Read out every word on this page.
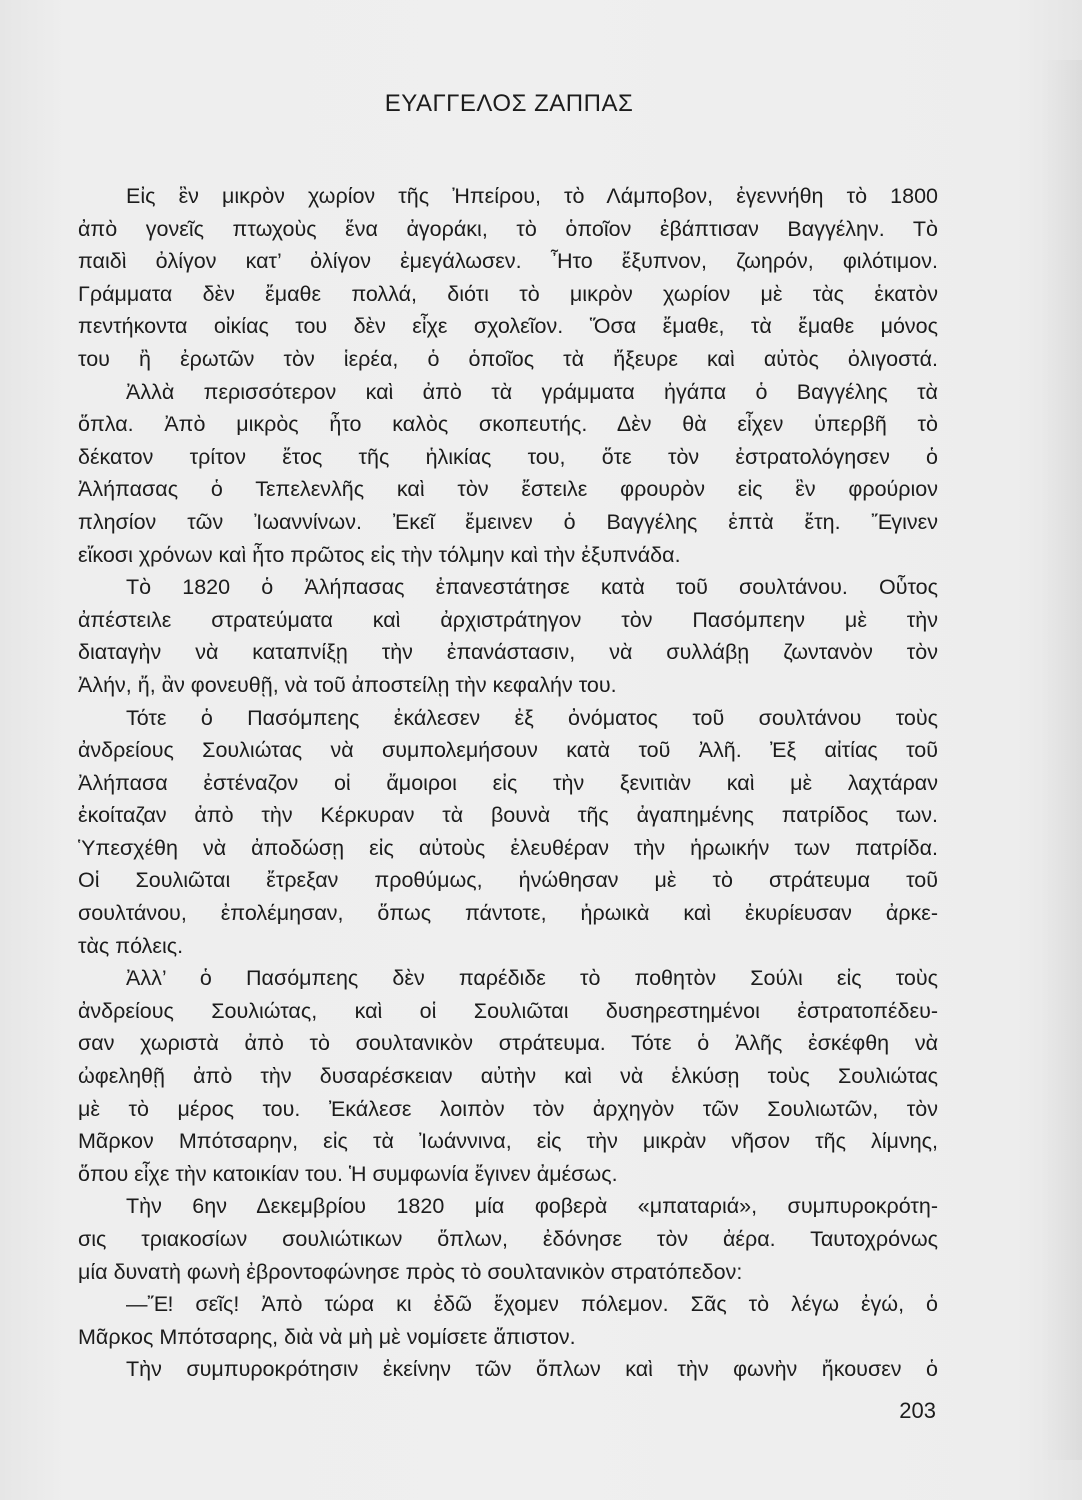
ΕΥΑΓΓΕΛΟΣ ΖΑΠΠΑΣ
Εἰς ἓν μικρὸν χωρίον τῆς Ἠπείρου, τὸ Λάμποβον, ἐγεννήθη τὸ 1800
ἀπὸ γονεῖς πτωχοὺς ἕνα ἀγοράκι, τὸ ὁποῖον ἐβάπτισαν Βαγγέλην. Τὸ
παιδὶ ὀλίγον κατ’ ὀλίγον ἐμεγάλωσεν. Ἦτο ἔξυπνον, ζωηρόν, φιλότιμον.
Γράμματα δὲν ἔμαθε πολλά, διότι τὸ μικρὸν χωρίον μὲ τὰς ἑκατὸν
πεντήκοντα οἰκίας του δὲν εἶχε σχολεῖον. Ὅσα ἔμαθε, τὰ ἔμαθε μόνος
του ἢ ἐρωτῶν τὸν ἱερέα, ὁ ὁποῖος τὰ ἤξευρε καὶ αὐτὸς ὀλιγοστά.
Ἀλλὰ περισσότερον καὶ ἀπὸ τὰ γράμματα ἠγάπα ὁ Βαγγέλης τὰ
ὅπλα. Ἀπὸ μικρὸς ἦτο καλὸς σκοπευτής. Δὲν θὰ εἶχεν ὑπερβῆ τὸ
δέκατον τρίτον ἔτος τῆς ἡλικίας του, ὅτε τὸν ἐστρατολόγησεν ὁ
Ἀλήπασας ὁ Τεπελενλῆς καὶ τὸν ἔστειλε φρουρὸν εἰς ἓν φρούριον
πλησίον τῶν Ἰωαννίνων. Ἐκεῖ ἔμεινεν ὁ Βαγγέλης ἑπτὰ ἔτη. Ἔγινεν
εἴκοσι χρόνων καὶ ἦτο πρῶτος εἰς τὴν τόλμην καὶ τὴν ἐξυπνάδα.
Τὸ 1820 ὁ Ἀλήπασας ἐπανεστάτησε κατὰ τοῦ σουλτάνου. Οὗτος
ἀπέστειλε στρατεύματα καὶ ἀρχιστράτηγον τὸν Πασόμπεην μὲ τὴν
διαταγὴν νὰ καταπνίξῃ τὴν ἐπανάστασιν, νὰ συλλάβῃ ζωντανὸν τὸν
Ἀλήν, ἤ, ἂν φονευθῇ, νὰ τοῦ ἀποστείλῃ τὴν κεφαλήν του.
Τότε ὁ Πασόμπεης ἐκάλεσεν ἐξ ὀνόματος τοῦ σουλτάνου τοὺς
ἀνδρείους Σουλιώτας νὰ συμπολεμήσουν κατὰ τοῦ Ἀλῆ. Ἐξ αἰτίας τοῦ
Ἀλήπασα ἐστέναζον οἱ ἄμοιροι εἰς τὴν ξενιτιὰν καὶ μὲ λαχτάραν
ἐκοίταζαν ἀπὸ τὴν Κέρκυραν τὰ βουνὰ τῆς ἀγαπημένης πατρίδος των.
Ὑπεσχέθη νὰ ἀποδώσῃ εἰς αὐτοὺς ἐλευθέραν τὴν ἡρωικήν των πατρίδα.
Οἱ Σουλιῶται ἔτρεξαν προθύμως, ἡνώθησαν μὲ τὸ στράτευμα τοῦ
σουλτάνου, ἐπολέμησαν, ὅπως πάντοτε, ἡρωικὰ καὶ ἐκυρίευσαν ἀρκε-
τὰς πόλεις.
Ἀλλ’ ὁ Πασόμπεης δὲν παρέδιδε τὸ ποθητὸν Σούλι εἰς τοὺς
ἀνδρείους Σουλιώτας, καὶ οἱ Σουλιῶται δυσηρεστημένοι ἐστρατοπέδευ-
σαν χωριστὰ ἀπὸ τὸ σουλτανικὸν στράτευμα. Τότε ὁ Ἀλῆς ἐσκέφθη νὰ
ὠφεληθῇ ἀπὸ τὴν δυσαρέσκειαν αὐτὴν καὶ νὰ ἑλκύσῃ τοὺς Σουλιώτας
μὲ τὸ μέρος του. Ἐκάλεσε λοιπὸν τὸν ἀρχηγὸν τῶν Σουλιωτῶν, τὸν
Μᾶρκον Μπότσαρην, εἰς τὰ Ἰωάννινα, εἰς τὴν μικρὰν νῆσον τῆς λίμνης,
ὅπου εἶχε τὴν κατοικίαν του. Ἡ συμφωνία ἔγινεν ἀμέσως.
Τὴν 6ην Δεκεμβρίου 1820 μία φοβερὰ «μπαταριά», συμπυροκρότη-
σις τριακοσίων σουλιώτικων ὅπλων, ἐδόνησε τὸν ἀέρα. Ταυτοχρόνως
μία δυνατὴ φωνὴ ἐβροντοφώνησε πρὸς τὸ σουλτανικὸν στρατόπεδον:
—Ἔ! σεῖς! Ἀπὸ τώρα κι ἐδῶ ἔχομεν πόλεμον. Σᾶς τὸ λέγω ἐγώ, ὁ
Μᾶρκος Μπότσαρης, διὰ νὰ μὴ μὲ νομίσετε ἄπιστον.
Τὴν συμπυροκρότησιν ἐκείνην τῶν ὅπλων καὶ τὴν φωνὴν ἤκουσεν ὁ
203
